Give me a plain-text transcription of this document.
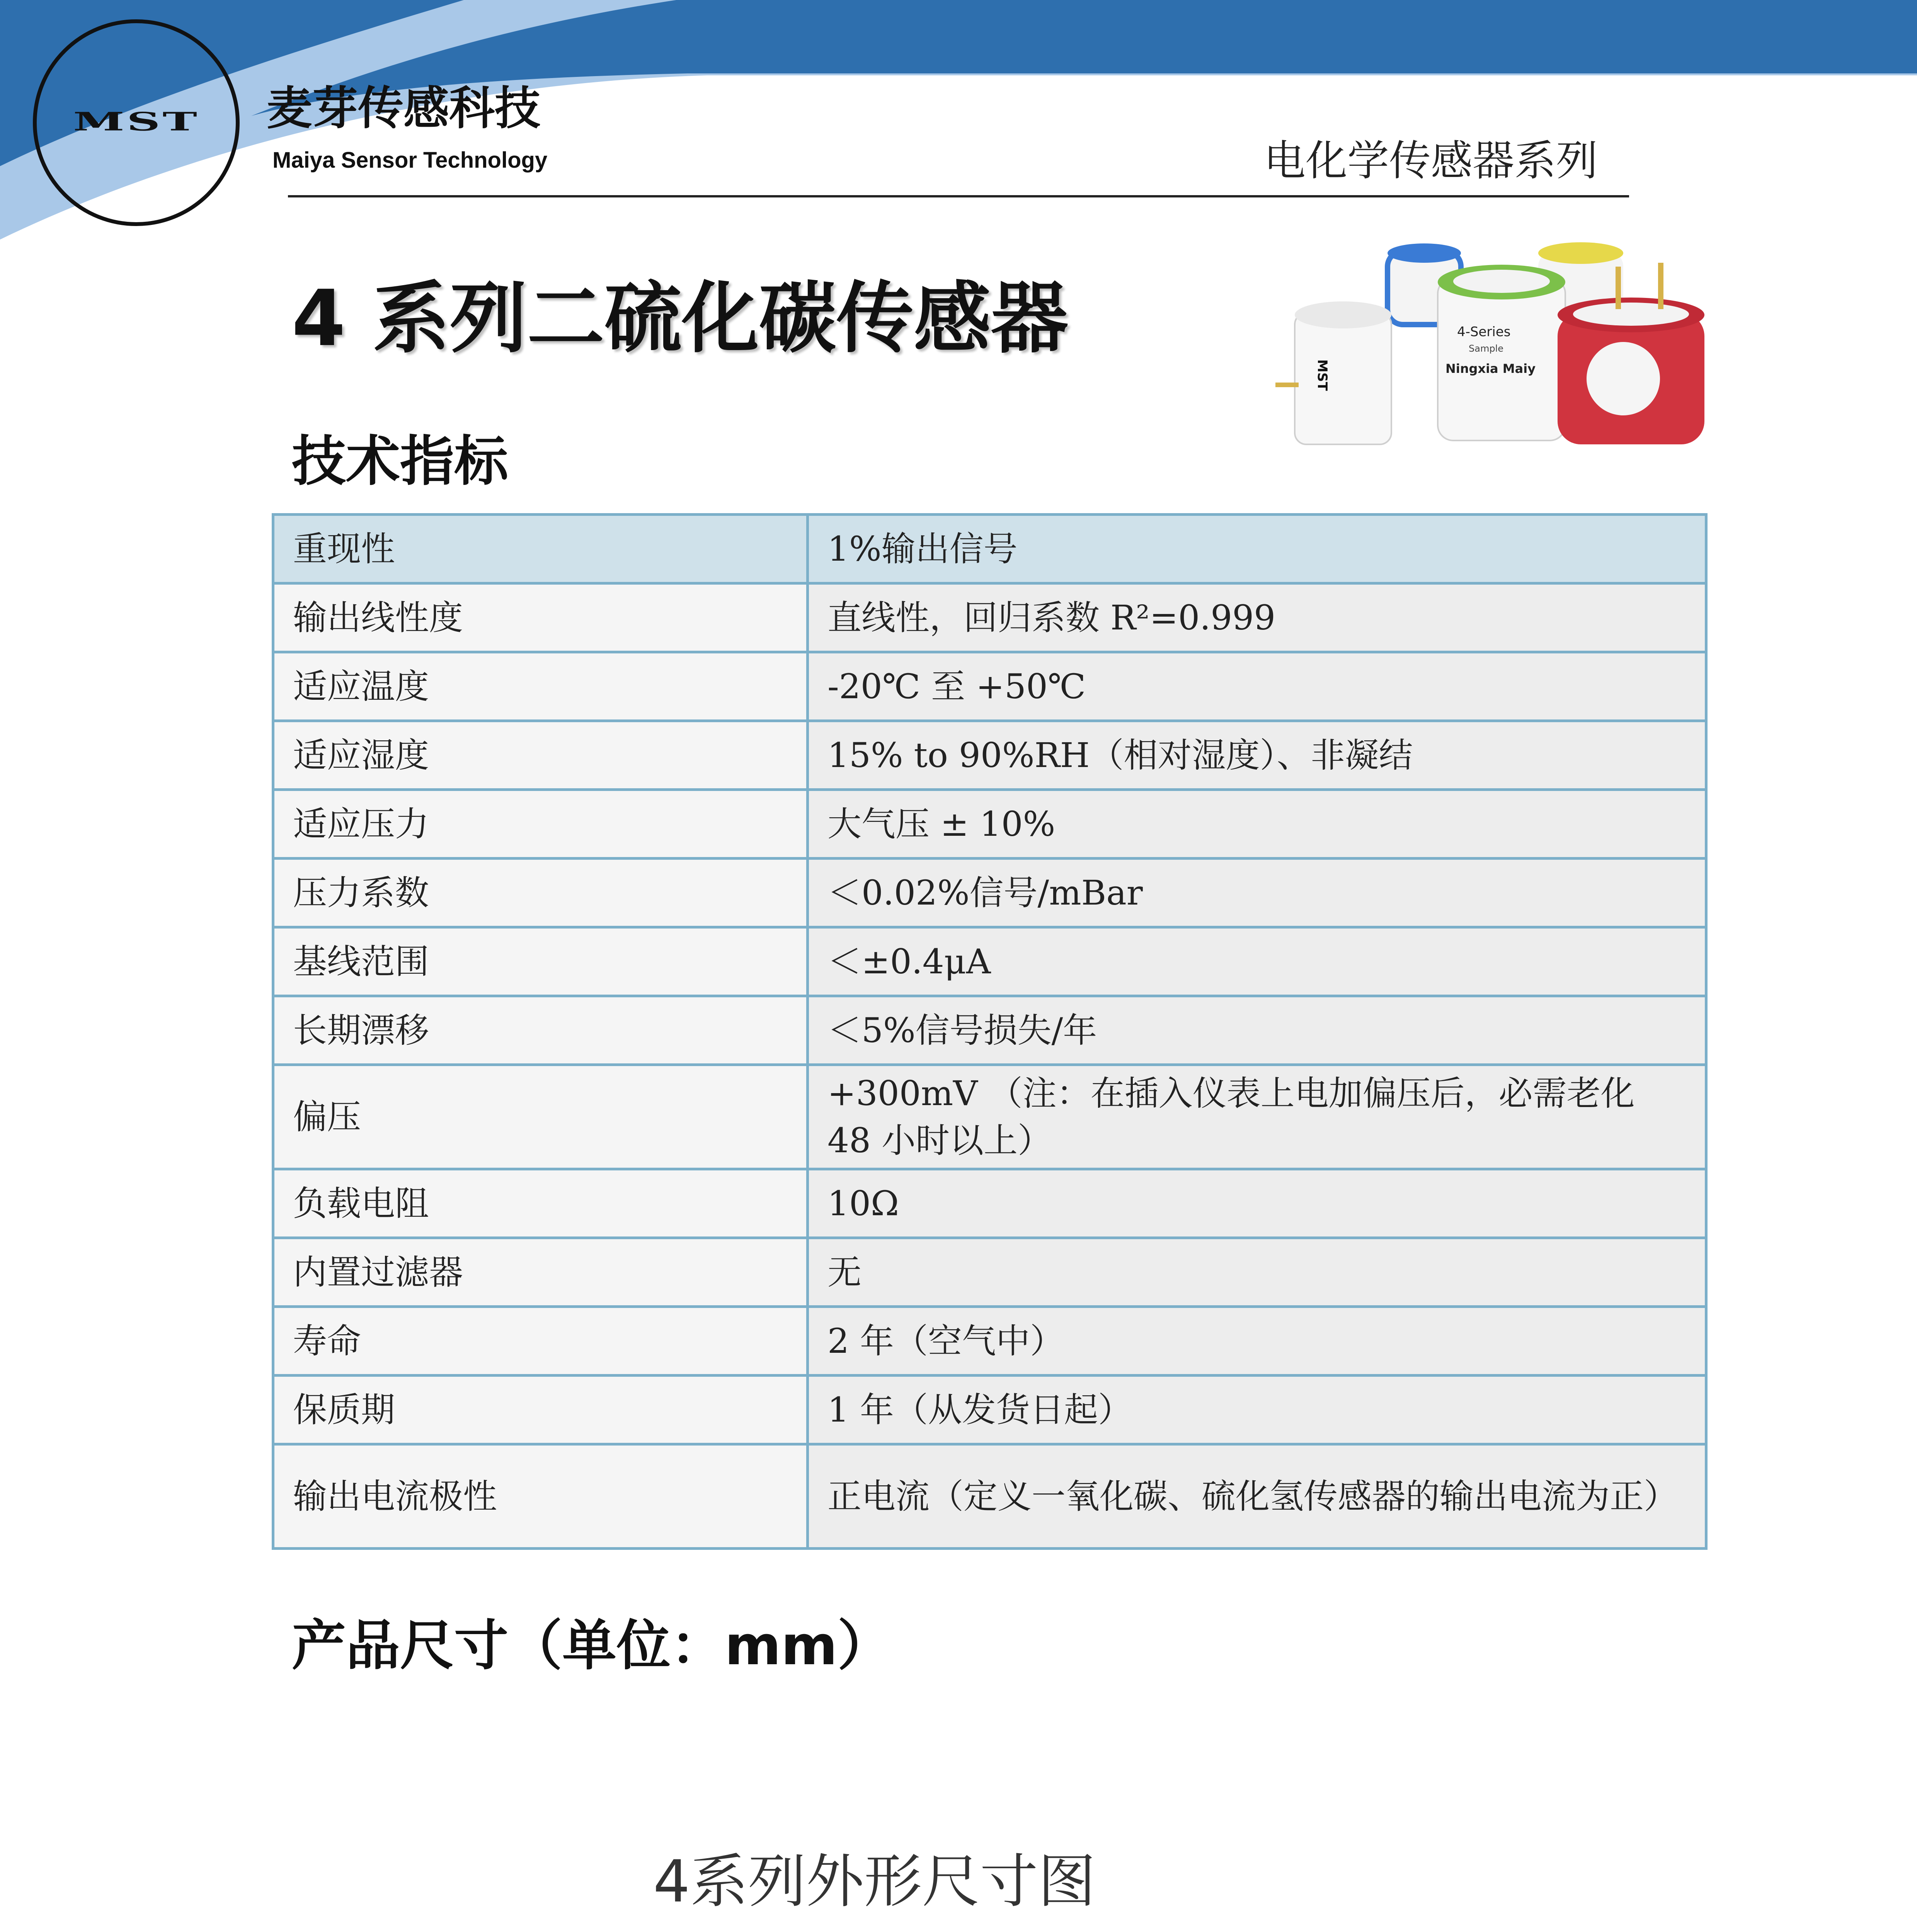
MST	麦芽传感科技
Maiya Sensor Technology	电化学传感器系列
4 系列二硫化碳传感器
MST
4-Series
Sample
Ningxia Maiy
技术指标
重现性	1%输出信号
输出线性度	直线性，回归系数 R²=0.999
适应温度	-20℃ 至 +50℃
适应湿度	15% to 90%RH（相对湿度）、非凝结
适应压力	大气压 ± 10%
压力系数	＜0.02%信号/mBar
基线范围	＜±0.4μA
长期漂移	＜5%信号损失/年
偏压	+300mV （注：在插入仪表上电加偏压后，必需老化 48 小时以上）
负载电阻	10Ω
内置过滤器	无
寿命	2 年（空气中）
保质期	1 年（从发货日起）
输出电流极性	正电流（定义一氧化碳、硫化氢传感器的输出电流为正）
产品尺寸（单位：mm）
4系列外形尺寸图
